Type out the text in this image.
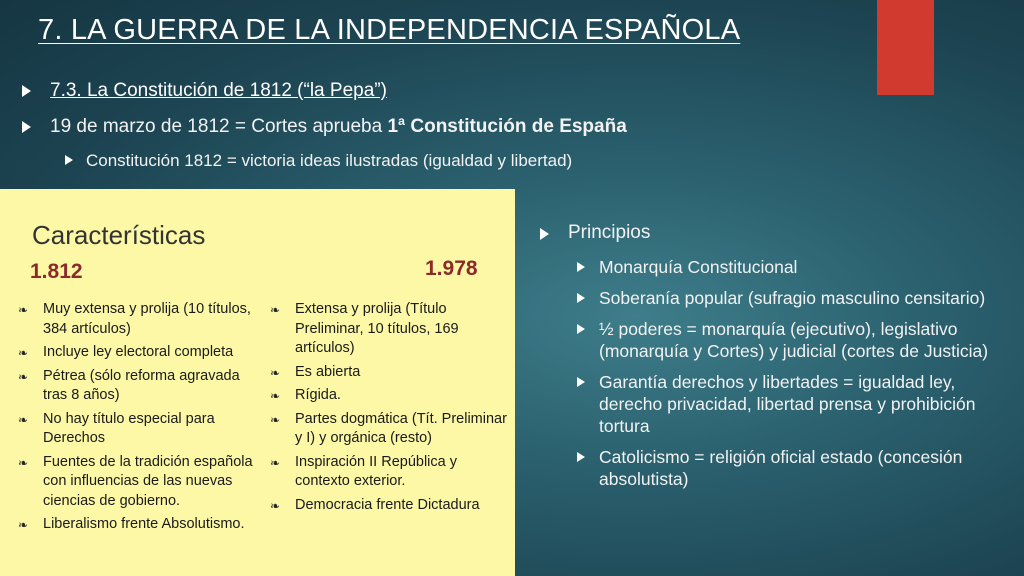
7. LA GUERRA DE LA INDEPENDENCIA ESPAÑOLA
7.3. La Constitución de 1812 (“la Pepa”)
19 de marzo de 1812 = Cortes aprueba 1ª Constitución de España
Constitución 1812 = victoria ideas ilustradas (igualdad y libertad)
Características
1.812	1.978
❧ Muy extensa y prolija (10 títulos, 384 artículos)
❧ Incluye ley electoral completa
❧ Pétrea (sólo reforma agravada tras 8 años)
❧ No hay título especial para Derechos
❧ Fuentes de la tradición española con influencias de las nuevas ciencias de gobierno.
❧ Liberalismo frente Absolutismo.
❧ Extensa y prolija (Título Preliminar, 10 títulos, 169 artículos)
❧ Es abierta
❧ Rígida.
❧ Partes dogmática (Tít. Preliminar y I) y orgánica (resto)
❧ Inspiración II República y contexto exterior.
❧ Democracia frente Dictadura
Principios
Monarquía Constitucional
Soberanía popular (sufragio masculino censitario)
½ poderes = monarquía (ejecutivo), legislativo (monarquía y Cortes) y judicial (cortes de Justicia)
Garantía derechos y libertades = igualdad ley, derecho privacidad, libertad prensa y prohibición tortura
Catolicismo = religión oficial estado (concesión absolutista)
